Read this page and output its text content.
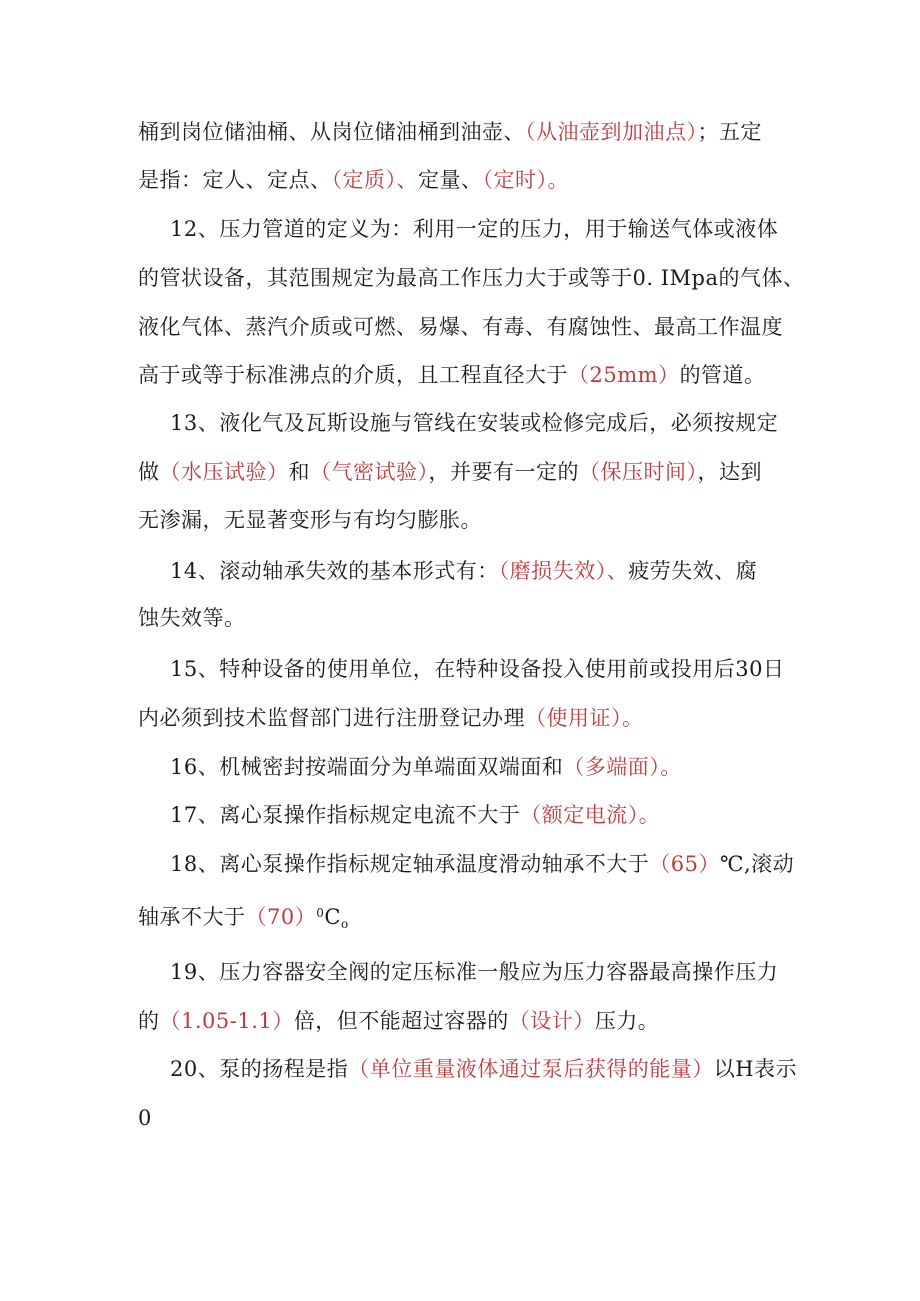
桶到岗位储油桶、从岗位储油桶到油壶、（从油壶到加油点）；五定
是指：定人、定点、（定质）、定量、（定时）。
12、压力管道的定义为：利用一定的压力，用于输送气体或液体
的管状设备，其范围规定为最高工作压力大于或等于0. IMpa的气体、
液化气体、蒸汽介质或可燃、易爆、有毒、有腐蚀性、最高工作温度
高于或等于标准沸点的介质，且工程直径大于（25mm）的管道。
13、液化气及瓦斯设施与管线在安装或检修完成后，必须按规定
做（水压试验）和（气密试验），并要有一定的（保压时间），达到
无渗漏，无显著变形与有均匀膨胀。
14、滚动轴承失效的基本形式有：（磨损失效）、疲劳失效、腐
蚀失效等。
15、特种设备的使用单位，在特种设备投入使用前或投用后30日
内必须到技术监督部门进行注册登记办理（使用证）。
16、机械密封按端面分为单端面双端面和（多端面）。
17、离心泵操作指标规定电流不大于（额定电流）。
18、离心泵操作指标规定轴承温度滑动轴承不大于（65）℃,滚动
轴承不大于$(70)^0C_o$
19、压力容器安全阀的定压标准一般应为压力容器最高操作压力
的（1.05-1.1）倍，但不能超过容器的（设计）压力。
20、泵的扬程是指（单位重量液体通过泵后获得的能量）以H表示
0
